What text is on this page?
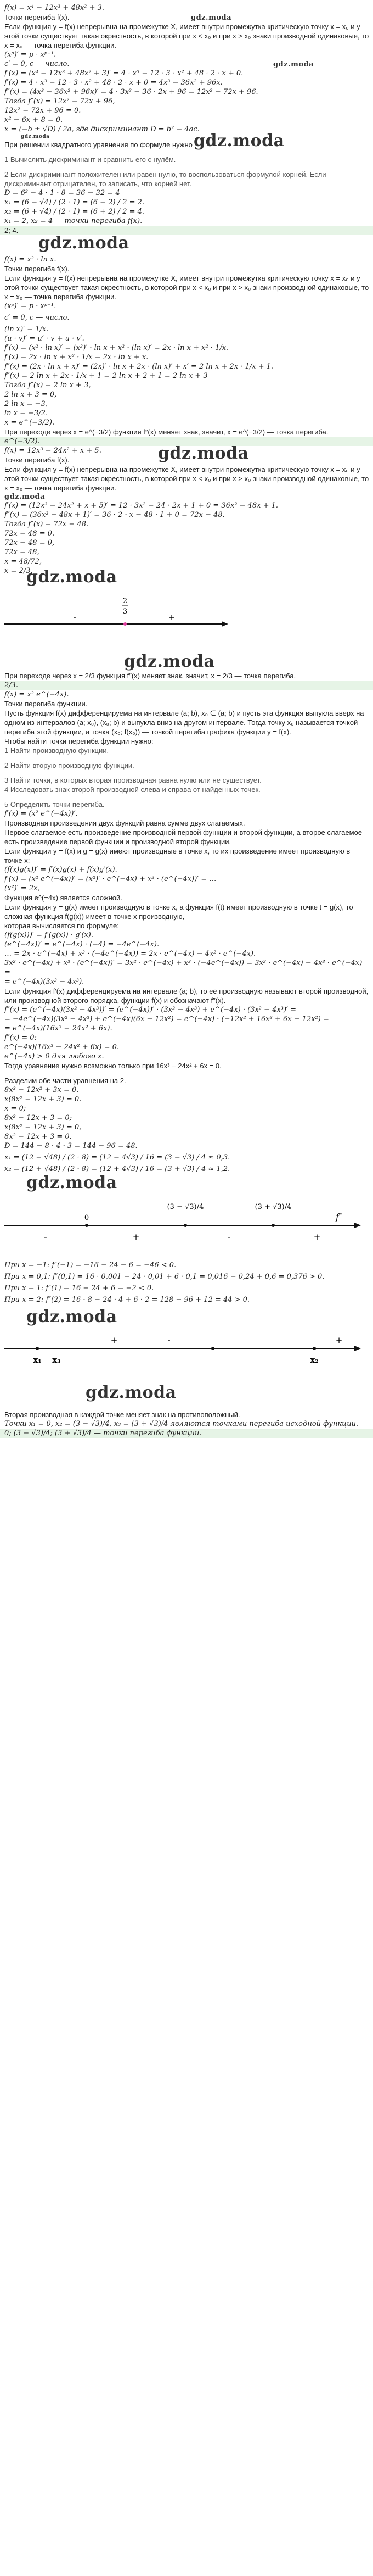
f(x) = x⁴ − 12x³ + 48x² + 3.

Точки перегиба f(x).	gdz.moda

Если функция y = f(x) непрерывна на промежутке X, имеет внутри промежутка критическую точку x = x₀ и у этой точки существует такая окрестность, в которой при x < x₀ и при x > x₀ знаки производной одинаковые, то x = x₀ — точка перегиба функции.

(xᵖ)′ = p · xᵖ⁻¹.

c′ = 0, c — число.	gdz.moda

f′(x) = (x⁴ − 12x³ + 48x² + 3)′ = 4 · x³ − 12 · 3 · x² + 48 · 2 · x + 0.

f′(x) = 4 · x³ − 12 · 3 · x² + 48 · 2 · x + 0 = 4x³ − 36x² + 96x.

f″(x) = (4x³ − 36x² + 96x)′ = 4 · 3x² − 36 · 2x + 96 = 12x² − 72x + 96.

Тогда f″(x) = 12x² − 72x + 96,

12x² − 72x + 96 = 0.

x² − 6x + 8 = 0.

x = (−b ± √D) / 2a, где дискриминант D = b² − 4ac.

gdz.moda

При решении квадратного уравнения по формуле нужно gdz.moda

1 Вычислить дискриминант и сравнить его с нулём.

2 Если дискриминант положителен или равен нулю, то воспользоваться формулой корней. Если дискриминант отрицателен, то записать, что корней нет.

D = 6² − 4 · 1 · 8 = 36 − 32 = 4

x₁ = (6 − √4) / (2 · 1) = (6 − 2) / 2 = 2.

x₂ = (6 + √4) / (2 · 1) = (6 + 2) / 2 = 4.

x₁ = 2, x₂ = 4 — точки перегиба f(x).

2; 4.

gdz.moda

f(x) = x² · ln x.

Точки перегиба f(x).

Если функция y = f(x) непрерывна на промежутке X, имеет внутри промежутка критическую точку x = x₀ и у этой точки существует такая окрестность, в которой при x < x₀ и при x > x₀ знаки производной одинаковые, то x = x₀ — точка перегиба функции.

(xᵖ)′ = p · xᵖ⁻¹.

c′ = 0, c — число.

(ln x)′ = 1/x.

(u · v)′ = u′ · v + u · v′.

f′(x) = (x² · ln x)′ = (x²)′ · ln x + x² · (ln x)′ = 2x · ln x + x² · 1/x.

f′(x) = 2x · ln x + x² · 1/x = 2x · ln x + x.

f″(x) = (2x · ln x + x)′ = (2x)′ · ln x + 2x · (ln x)′ + x′ = 2 ln x + 2x · 1/x + 1.

f″(x) = 2 ln x + 2x · 1/x + 1 = 2 ln x + 2 + 1 = 2 ln x + 3

Тогда f″(x) = 2 ln x + 3,

2 ln x + 3 = 0,

2 ln x = −3,

ln x = −3/2.

x = e^(−3/2).

При переходе через x = e^(−3/2) функция f″(x) меняет знак, значит, x = e^(−3/2) — точка перегиба.

e^(−3/2).

f(x) = 12x³ − 24x² + x + 5.

Точки перегиба f(x).	gdz.moda

Если функция y = f(x) непрерывна на промежутке X, имеет внутри промежутка критическую точку x = x₀ и у этой точки существует такая окрестность, в которой при x < x₀ и при x > x₀ знаки производной одинаковые, то x = x₀ — точка перегиба функции.

gdz.moda

f′(x) = (12x³ − 24x² + x + 5)′ = 12 · 3x² − 24 · 2x + 1 + 0 = 36x² − 48x + 1.

f″(x) = (36x² − 48x + 1)′ = 36 · 2 · x − 48 · 1 + 0 = 72x − 48.

Тогда f″(x) = 72x − 48.

72x − 48 = 0.

72x − 48 = 0,

72x = 48,

x = 48/72,

x = 2/3.

gdz.moda
2
3
-	+
gdz.moda

При переходе через x = 2/3 функция f″(x) меняет знак, значит, x = 2/3 — точка перегиба.

2/3.

f(x) = x² e^(−4x).

Точки перегиба функции.

Пусть функция f(x) дифференцируема на интервале (a; b), x₀ ∈ (a; b) и пусть эта функция выпукла вверх на одном из интервалов (a; x₀), (x₀; b) и выпукла вниз на другом интервале. Тогда точку x₀ называется точкой перегиба этой функции, а точка (x₀; f(x₀)) — точкой перегиба графика функции y = f(x).

Чтобы найти точки перегиба функции нужно:

1 Найти производную функции.

2 Найти вторую производную функции.

3 Найти точки, в которых вторая производная равна нулю или не существует.

4 Исследовать знак второй производной слева и справа от найденных точек.

5 Определить точки перегиба.

f′(x) = (x² e^(−4x))′.

Производная произведения двух функций равна сумме двух слагаемых.

Первое слагаемое есть произведение производной первой функции и второй функции, а второе слагаемое есть произведение первой функции и производной второй функции.

Если функции y = f(x) и g = g(x) имеют производные в точке x, то их произведение имеет производную в точке x:

(f(x)g(x))′ = f′(x)g(x) + f(x)g′(x).

f′(x) = (x² e^(−4x))′ = (x²)′ · e^(−4x) + x² · (e^(−4x))′ = …

(x²)′ = 2x,

Функция e^(−4x) является сложной.

Если функция y = g(x) имеет производную в точке x, а функция f(t) имеет производную в точке t = g(x), то сложная функция f(g(x)) имеет в точке x производную,

которая вычисляется по формуле:

(f(g(x)))′ = f′(g(x)) · g′(x).

(e^(−4x))′ = e^(−4x) · (−4) = −4e^(−4x).

… = 2x · e^(−4x) + x² · (−4e^(−4x)) = 2x · e^(−4x) − 4x² · e^(−4x).

3x² · e^(−4x) + x³ · (e^(−4x))′ = 3x² · e^(−4x) + x³ · (−4e^(−4x)) = 3x² · e^(−4x) − 4x³ · e^(−4x) =

= e^(−4x)(3x² − 4x³).

Если функция f′(x) дифференцируема на интервале (a; b), то её производную называют второй производной, или производной второго порядка, функции f(x) и обозначают f″(x).

f″(x) = (e^(−4x)(3x² − 4x³))′ = (e^(−4x))′ · (3x² − 4x³) + e^(−4x) · (3x² − 4x³)′ =

= −4e^(−4x)(3x² − 4x³) + e^(−4x)(6x − 12x²) = e^(−4x) · (−12x² + 16x³ + 6x − 12x²) =

= e^(−4x)(16x³ − 24x² + 6x).

f″(x) = 0:

e^(−4x)(16x³ − 24x² + 6x) = 0.

e^(−4x) > 0 для любого x.

Тогда уравнение нужно возможно только при 16x³ − 24x² + 6x = 0.

Разделим обе части уравнения на 2.

8x³ − 12x² + 3x = 0.

x(8x² − 12x + 3) = 0.

x = 0;

8x² − 12x + 3 = 0;

x(8x² − 12x + 3) = 0,

8x² − 12x + 3 = 0.

D = 144 − 8 · 4 · 3 = 144 − 96 = 48.

x₁ = (12 − √48) / (2 · 8) = (12 − 4√3) / 16 = (3 − √3) / 4 ≈ 0,3.

x₂ = (12 + √48) / (2 · 8) = (12 + 4√3) / 16 = (3 + √3) / 4 ≈ 1,2.

gdz.moda
0
(3 − √3)/4	(3 + √3)/4
f″
-	+	-	+

При x = −1: f″(−1) = −16 − 24 − 6 = −46 < 0.

При x = 0,1: f″(0,1) = 16 · 0,001 − 24 · 0,01 + 6 · 0,1 = 0,016 − 0,24 + 0,6 = 0,376 > 0.

При x = 1: f″(1) = 16 − 24 + 6 = −2 < 0.

При x = 2: f″(2) = 16 · 8 − 24 · 4 + 6 · 2 = 128 − 96 + 12 = 44 > 0.

gdz.moda
x₁ x₃	x₂
+	-	+
gdz.moda

Вторая производная в каждой точке меняет знак на противоположный.

Точки x₁ = 0, x₂ = (3 − √3)/4, x₃ = (3 + √3)/4 являются точками перегиба исходной функции.

0; (3 − √3)/4; (3 + √3)/4 — точки перегиба функции.
